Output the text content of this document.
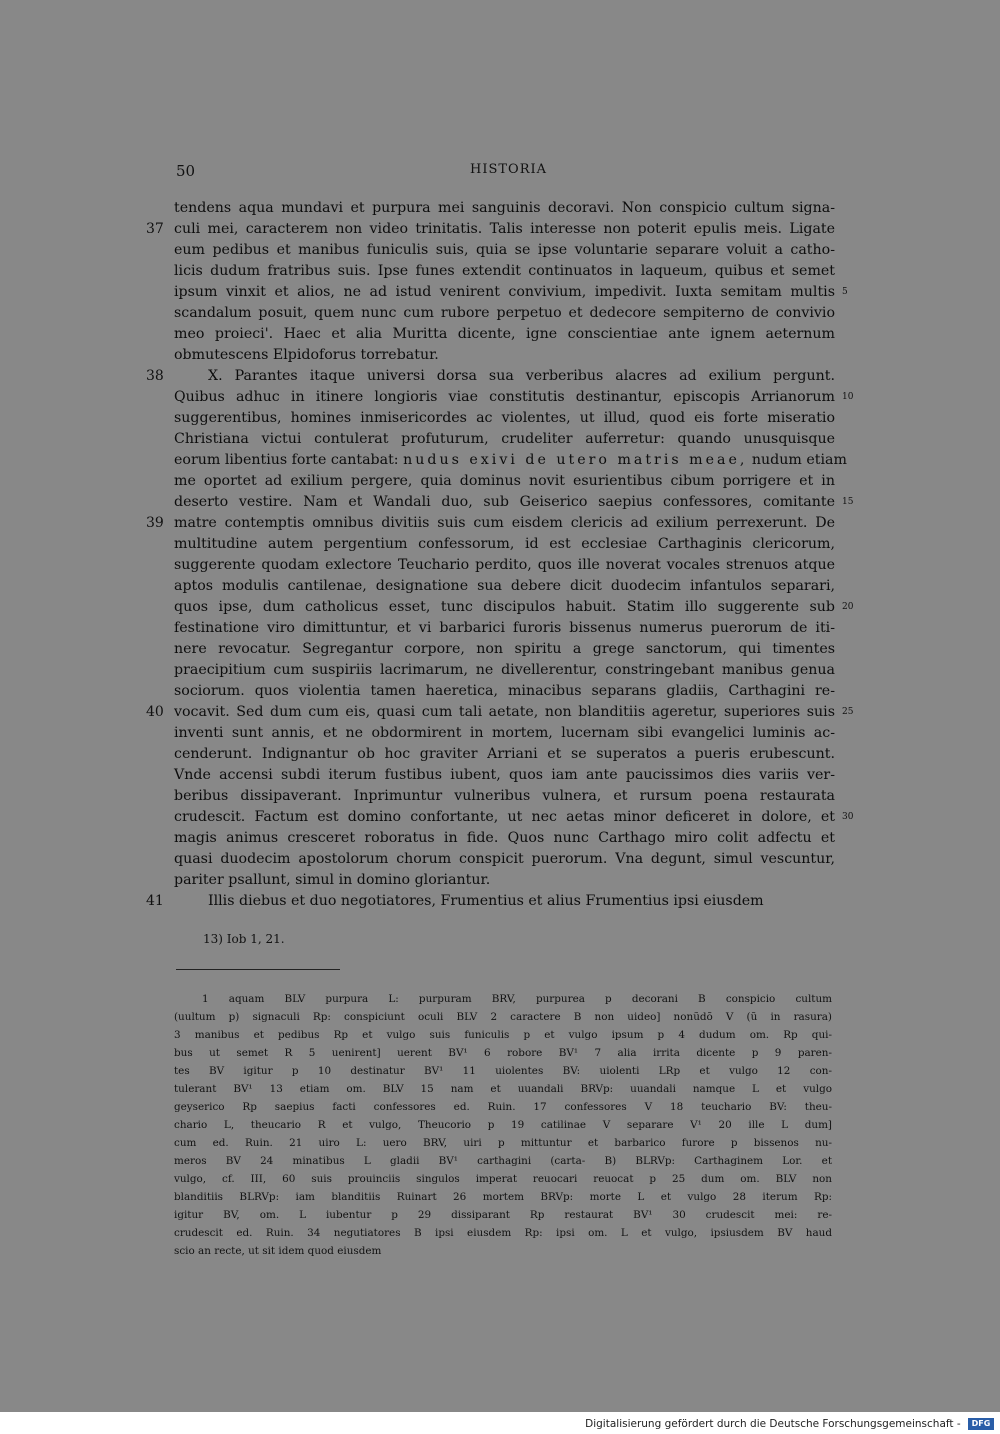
50	HISTORIA
tendens aqua mundavi et purpura mei sanguinis decoravi. Non conspicio cultum signa-
culi mei, caracterem non video trinitatis. Talis interesse non poterit epulis meis. Ligate
eum pedibus et manibus funiculis suis, quia se ipse voluntarie separare voluit a catho-
licis dudum fratribus suis. Ipse funes extendit continuatos in laqueum, quibus et semet
ipsum vinxit et alios, ne ad istud venirent convivium, impedivit. Iuxta semitam multis
scandalum posuit, quem nunc cum rubore perpetuo et dedecore sempiterno de convivio
meo proieci'. Haec et alia Muritta dicente, igne conscientiae ante ignem aeternum
obmutescens Elpidoforus torrebatur.
X. Parantes itaque universi dorsa sua verberibus alacres ad exilium pergunt.
Quibus adhuc in itinere longioris viae constitutis destinantur, episcopis Arrianorum
suggerentibus, homines inmisericordes ac violentes, ut illud, quod eis forte miseratio
Christiana victui contulerat profuturum, crudeliter auferretur: quando unusquisque
eorum libentius forte cantabat: nudus exivi de utero matris meae, nudum etiam
me oportet ad exilium pergere, quia dominus novit esurientibus cibum porrigere et in
deserto vestire. Nam et Wandali duo, sub Geiserico saepius confessores, comitante
matre contemptis omnibus divitiis suis cum eisdem clericis ad exilium perrexerunt. De
multitudine autem pergentium confessorum, id est ecclesiae Carthaginis clericorum,
suggerente quodam exlectore Teuchario perdito, quos ille noverat vocales strenuos atque
aptos modulis cantilenae, designatione sua debere dicit duodecim infantulos separari,
quos ipse, dum catholicus esset, tunc discipulos habuit. Statim illo suggerente sub
festinatione viro dimittuntur, et vi barbarici furoris bissenus numerus puerorum de iti-
nere revocatur. Segregantur corpore, non spiritu a grege sanctorum, qui timentes
praecipitium cum suspiriis lacrimarum, ne divellerentur, constringebant manibus genua
sociorum. quos violentia tamen haeretica, minacibus separans gladiis, Carthagini re-
vocavit. Sed dum cum eis, quasi cum tali aetate, non blanditiis ageretur, superiores suis
inventi sunt annis, et ne obdormirent in mortem, lucernam sibi evangelici luminis ac-
cenderunt. Indignantur ob hoc graviter Arriani et se superatos a pueris erubescunt.
Vnde accensi subdi iterum fustibus iubent, quos iam ante paucissimos dies variis ver-
beribus dissipaverant. Inprimuntur vulneribus vulnera, et rursum poena restaurata
crudescit. Factum est domino confortante, ut nec aetas minor deficeret in dolore, et
magis animus cresceret roboratus in fide. Quos nunc Carthago miro colit adfectu et
quasi duodecim apostolorum chorum conspicit puerorum. Vna degunt, simul vescuntur,
pariter psallunt, simul in domino gloriantur.
Illis diebus et duo negotiatores, Frumentius et alius Frumentius ipsi eiusdem
37
38
39
40
41
5
10
15
20
25
30
13) Iob 1, 21.
1 aquam BLV purpura L: purpuram BRV, purpurea p decorani B conspicio cultum
(uultum p) signaculi Rp: conspiciunt oculi BLV 2 caractere B non uideo] nonũdõ V (ũ in rasura)
3 manibus et pedibus Rp et vulgo suis funiculis p et vulgo ipsum p 4 dudum om. Rp qui-
bus ut semet R 5 uenirent] uerent BV¹ 6 robore BV¹ 7 alia irrita dicente p 9 paren-
tes BV igitur p 10 destinatur BV¹ 11 uiolentes BV: uiolenti LRp et vulgo 12 con-
tulerant BV¹ 13 etiam om. BLV 15 nam et uuandali BRVp: uuandali namque L et vulgo
geyserico Rp saepius facti confessores ed. Ruin. 17 confessores V 18 teuchario BV: theu-
chario L, theucario R et vulgo, Theucorio p 19 catilinae V separare V¹ 20 ille L dum]
cum ed. Ruin. 21 uiro L: uero BRV, uiri p mittuntur et barbarico furore p bissenos nu-
meros BV 24 minatibus L gladii BV¹ carthagini (carta- B) BLRVp: Carthaginem Lor. et
vulgo, cf. III, 60 suis prouinciis singulos imperat reuocari reuocat p 25 dum om. BLV non
blanditiis BLRVp: iam blanditiis Ruinart 26 mortem BRVp: morte L et vulgo 28 iterum Rp:
igitur BV, om. L iubentur p 29 dissiparant Rp restaurat BV¹ 30 crudescit mei: re-
crudescit ed. Ruin. 34 negutiatores B ipsi eiusdem Rp: ipsi om. L et vulgo, ipsiusdem BV haud
scio an recte, ut sit idem quod eiusdem
Digitalisierung gefördert durch die Deutsche Forschungsgemeinschaft - DFG
